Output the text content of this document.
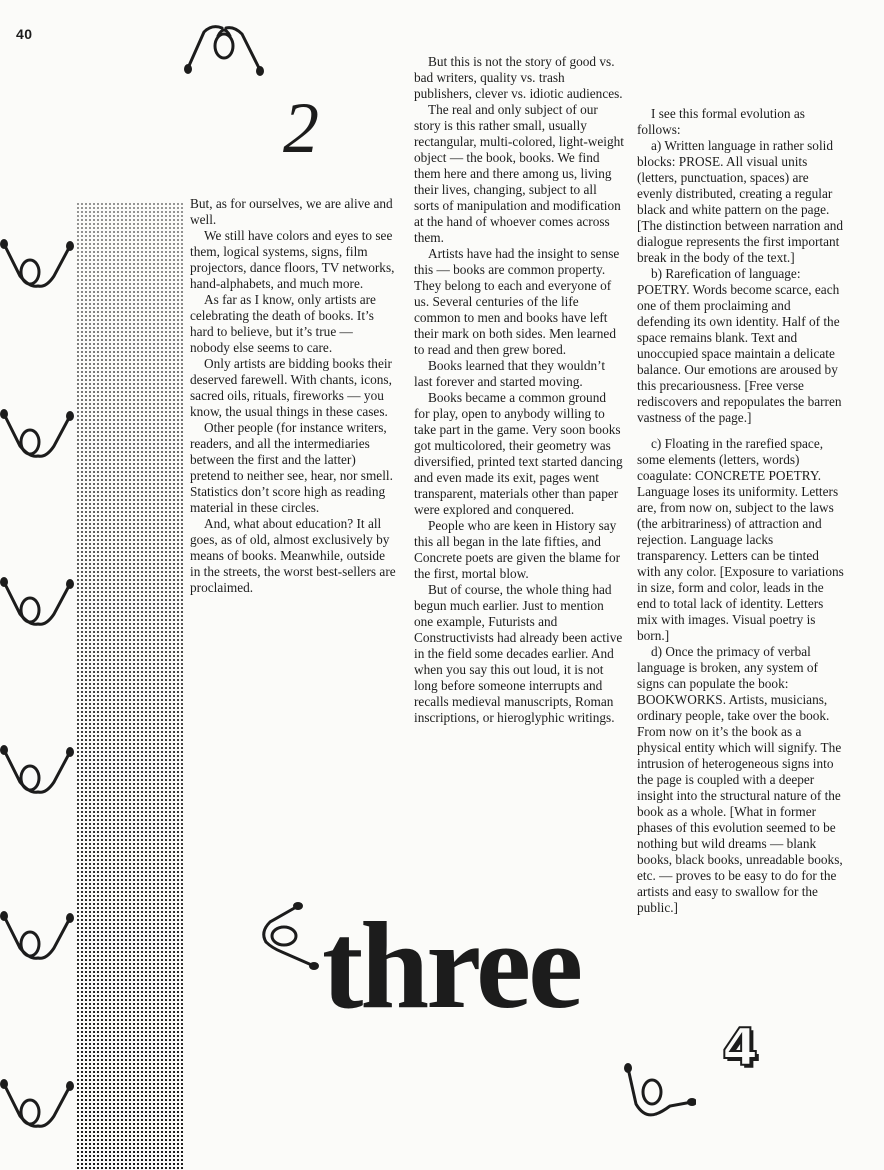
40
2

But, as for ourselves, we are alive and well.

We still have colors and eyes to see them, logical systems, signs, film projectors, dance floors, TV networks, hand-alphabets, and much more.

As far as I know, only artists are celebrating the death of books. It’s hard to believe, but it’s true — nobody else seems to care.

Only artists are bidding books their deserved farewell. With chants, icons, sacred oils, rituals, fireworks — you know, the usual things in these cases.

Other people (for instance writers, readers, and all the intermediaries between the first and the latter) pretend to neither see, hear, nor smell. Statistics don’t score high as reading material in these circles.

And, what about education? It all goes, as of old, almost exclusively by means of books. Meanwhile, outside in the streets, the worst best-sellers are proclaimed.

But this is not the story of good vs. bad writers, quality vs. trash publishers, clever vs. idiotic audiences.

The real and only subject of our story is this rather small, usually rectangular, multi-colored, light-weight object — the book, books. We find them here and there among us, living their lives, changing, subject to all sorts of manipulation and modification at the hand of whoever comes across them.

Artists have had the insight to sense this — books are common property. They belong to each and everyone of us. Several centuries of the life common to men and books have left their mark on both sides. Men learned to read and then grew bored.

Books learned that they wouldn’t last forever and started moving.

Books became a common ground for play, open to anybody willing to take part in the game. Very soon books got multicolored, their geometry was diversified, printed text started dancing and even made its exit, pages went transparent, materials other than paper were explored and conquered.

People who are keen in History say this all began in the late fifties, and Concrete poets are given the blame for the first, mortal blow.

But of course, the whole thing had begun much earlier. Just to mention one example, Futurists and Constructivists had already been active in the field some decades earlier. And when you say this out loud, it is not long before someone interrupts and recalls medieval manuscripts, Roman inscriptions, or hieroglyphic writings.

I see this formal evolution as follows:

a) Written language in rather solid blocks: PROSE. All visual units (letters, punctuation, spaces) are evenly distributed, creating a regular black and white pattern on the page. [The distinction between narration and dialogue represents the first important break in the body of the text.]

b) Rarefication of language: POETRY. Words become scarce, each one of them proclaiming and defending its own identity. Half of the space remains blank. Text and unoccupied space maintain a delicate balance. Our emotions are aroused by this precariousness. [Free verse rediscovers and repopulates the barren vastness of the page.]

c) Floating in the rarefied space, some elements (letters, words) coagulate: CONCRETE POETRY. Language loses its uniformity. Letters are, from now on, subject to the laws (the arbitrariness) of attraction and rejection. Language lacks transparency. Letters can be tinted with any color. [Exposure to variations in size, form and color, leads in the end to total lack of identity. Letters mix with images. Visual poetry is born.]

d) Once the primacy of verbal language is broken, any system of signs can populate the book: BOOKWORKS. Artists, musicians, ordinary people, take over the book. From now on it’s the book as a physical entity which will signify. The intrusion of heterogeneous signs into the page is coupled with a deeper insight into the structural nature of the book as a whole. [What in former phases of this evolution seemed to be nothing but wild dreams — blank books, black books, unreadable books, etc. — proves to be easy to do for the artists and easy to swallow for the public.]

three
4
